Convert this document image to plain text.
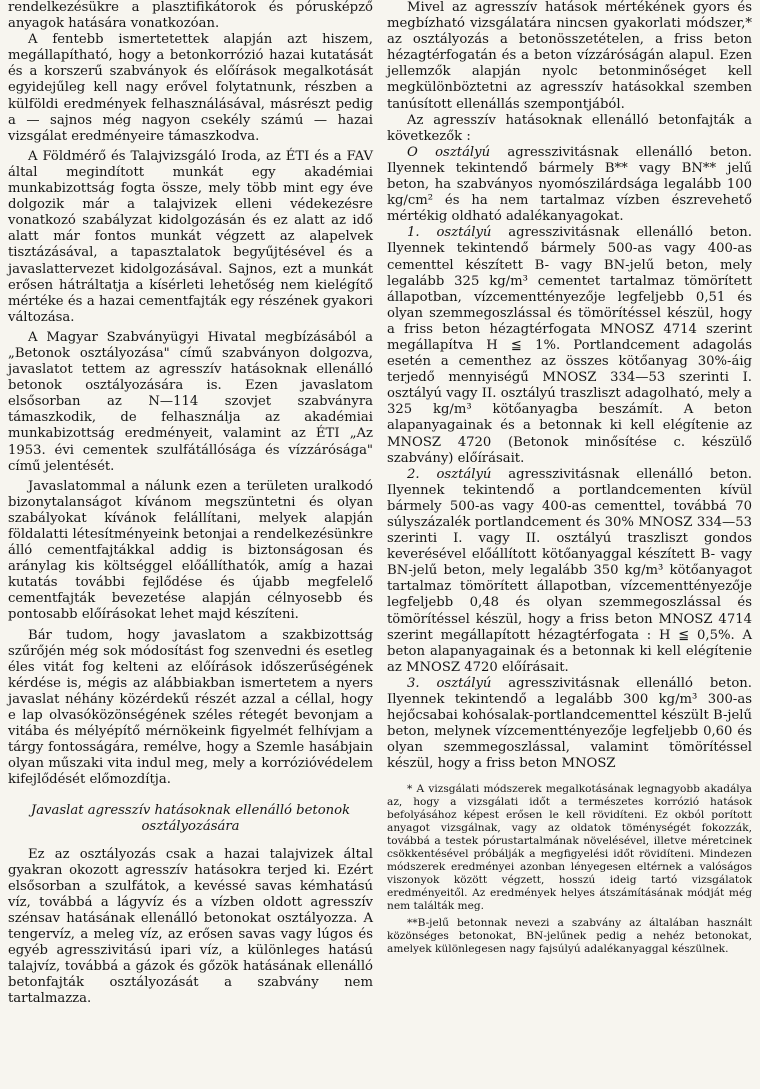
rendelkezésükre a plasztifikátorok és pórusképző anyagok hatására vonatkozóan.

A fentebb ismertetettek alapján azt hiszem, megállapítható, hogy a betonkorrózió hazai kutatását és a korszerű szabványok és előírások megalkotását egyidejűleg kell nagy erővel folytatnunk, részben a külföldi eredmények felhasználásával, másrészt pedig a — sajnos még nagyon csekély számú — hazai vizsgálat eredményeire támaszkodva.

A Földmérő és Talajvizsgáló Iroda, az ÉTI és a FAV által megindított munkát egy akadémiai munkabizottság fogta össze, mely több mint egy éve dolgozik már a talajvizek elleni védekezésre vonatkozó szabályzat kidolgozásán és ez alatt az idő alatt már fontos munkát végzett az alapelvek tisztázásával, a tapasztalatok begyűjtésével és a javaslattervezet kidolgozásával. Sajnos, ezt a munkát erősen hátráltatja a kísérleti lehetőség nem kielégítő mértéke és a hazai cementfajták egy részének gyakori változása.

A Magyar Szabványügyi Hivatal megbízásából a „Betonok osztályozása" című szabványon dolgozva, javaslatot tettem az agresszív hatásoknak ellenálló betonok osztályozására is. Ezen javaslatom elsősorban az N—114 szovjet szabványra támaszkodik, de felhasználja az akadémiai munkabizottság eredményeit, valamint az ÉTI „Az 1953. évi cementek szulfátállósága és vízzárósága" című jelentését.

Javaslatommal a nálunk ezen a területen uralkodó bizonytalanságot kívánom megszüntetni és olyan szabályokat kívánok felállítani, melyek alapján földalatti létesítményeink betonjai a rendelkezésünkre álló cementfajtákkal addig is biztonságosan és aránylag kis költséggel előállíthatók, amíg a hazai kutatás további fejlődése és újabb megfelelő cementfajták bevezetése alapján célnyosebb és pontosabb előírásokat lehet majd készíteni.

Bár tudom, hogy javaslatom a szakbizottság szűrőjén még sok módosítást fog szenvedni és esetleg éles vitát fog kelteni az előírások időszerűségének kérdése is, mégis az alábbiakban ismertetem a nyers javaslat néhány közérdekű részét azzal a céllal, hogy e lap olvasóközönségének széles rétegét bevonjam a vitába és mélyépítő mérnökeink figyelmét felhívjam a tárgy fontosságára, remélve, hogy a Szemle hasábjain olyan műszaki vita indul meg, mely a korrózióvédelem kifejlődését előmozdítja.

Javaslat agresszív hatásoknak ellenálló betonok osztályozására

Ez az osztályozás csak a hazai talajvizek által gyakran okozott agresszív hatásokra terjed ki. Ezért elsősorban a szulfátok, a kevéssé savas kémhatású víz, továbbá a lágyvíz és a vízben oldott agresszív szénsav hatásának ellenálló betonokat osztályozza. A tengervíz, a meleg víz, az erősen savas vagy lúgos és egyéb agresszivitású ipari víz, a különleges hatású talajvíz, továbbá a gázok és gőzök hatásának ellenálló betonfajták osztályozását a szabvány nem tartalmazza.

Mivel az agresszív hatások mértékének gyors és megbízható vizsgálatára nincsen gyakorlati módszer,* az osztályozás a betonösszetételen, a friss beton hézagtérfogatán és a beton vízzáróságán alapul. Ezen jellemzők alapján nyolc betonminőséget kell megkülönböztetni az agresszív hatásokkal szemben tanúsított ellenállás szempontjából.

Az agresszív hatásoknak ellenálló betonfajták a következők :

O osztályú agresszivitásnak ellenálló beton. Ilyennek tekintendő bármely B** vagy BN** jelű beton, ha szabványos nyomószilárdsága legalább 100 kg/cm² és ha nem tartalmaz vízben észrevehető mértékig oldható adalékanyagokat.

1. osztályú agresszivitásnak ellenálló beton. Ilyennek tekintendő bármely 500-as vagy 400-as cementtel készített B- vagy BN-jelű beton, mely legalább 325 kg/m³ cementet tartalmaz tömörített állapotban, vízcementtényezője legfeljebb 0,51 és olyan szemmegoszlással és tömörítéssel készül, hogy a friss beton hézagtérfogata MNOSZ 4714 szerint megállapítva H ≦ 1%. Portlandcement adagolás esetén a cementhez az összes kötőanyag 30%-áig terjedő mennyiségű MNOSZ 334—53 szerinti I. osztályú vagy II. osztályú traszliszt adagolható, mely a 325 kg/m³ kötőanyagba beszámít. A beton alapanyagainak és a betonnak ki kell elégítenie az MNOSZ 4720 (Betonok minősítése c. készülő szabvány) előírásait.

2. osztályú agresszivitásnak ellenálló beton. Ilyennek tekintendő a portlandcementen kívül bármely 500-as vagy 400-as cementtel, továbbá 70 súlyszázalék portlandcement és 30% MNOSZ 334—53 szerinti I. vagy II. osztályú traszliszt gondos keverésével előállított kötőanyaggal készített B- vagy BN-jelű beton, mely legalább 350 kg/m³ kötőanyagot tartalmaz tömörített állapotban, vízcementtényezője legfeljebb 0,48 és olyan szemmegoszlással és tömörítéssel készül, hogy a friss beton MNOSZ 4714 szerint megállapított hézagtérfogata : H ≦ 0,5%. A beton alapanyagainak és a betonnak ki kell elégítenie az MNOSZ 4720 előírásait.

3. osztályú agresszivitásnak ellenálló beton. Ilyennek tekintendő a legalább 300 kg/m³ 300-as hejőcsabai kohósalak-portlandcementtel készült B-jelű beton, melynek vízcementtényezője legfeljebb 0,60 és olyan szemmegoszlással, valamint tömörítéssel készül, hogy a friss beton MNOSZ

* A vizsgálati módszerek megalkotásának legnagyobb akadálya az, hogy a vizsgálati időt a természetes korrózió hatások befolyásához képest erősen le kell rövidíteni. Ez okból porított anyagot vizsgálnak, vagy az oldatok töménységét fokozzák, továbbá a testek pórustartalmának növelésével, illetve méretcinek csökkentésével próbálják a megfigyelési időt rövidíteni. Mindezen módszerek eredményei azonban lényegesen eltérnek a valóságos viszonyok között végzett, hosszú ideig tartó vizsgálatok eredményeitől. Az eredmények helyes átszámításának módját még nem találták meg.

**B-jelű betonnak nevezi a szabvány az általában használt közönséges betonokat, BN-jelűnek pedig a nehéz betonokat, amelyek különlegesen nagy fajsúlyú adalékanyaggal készülnek.
